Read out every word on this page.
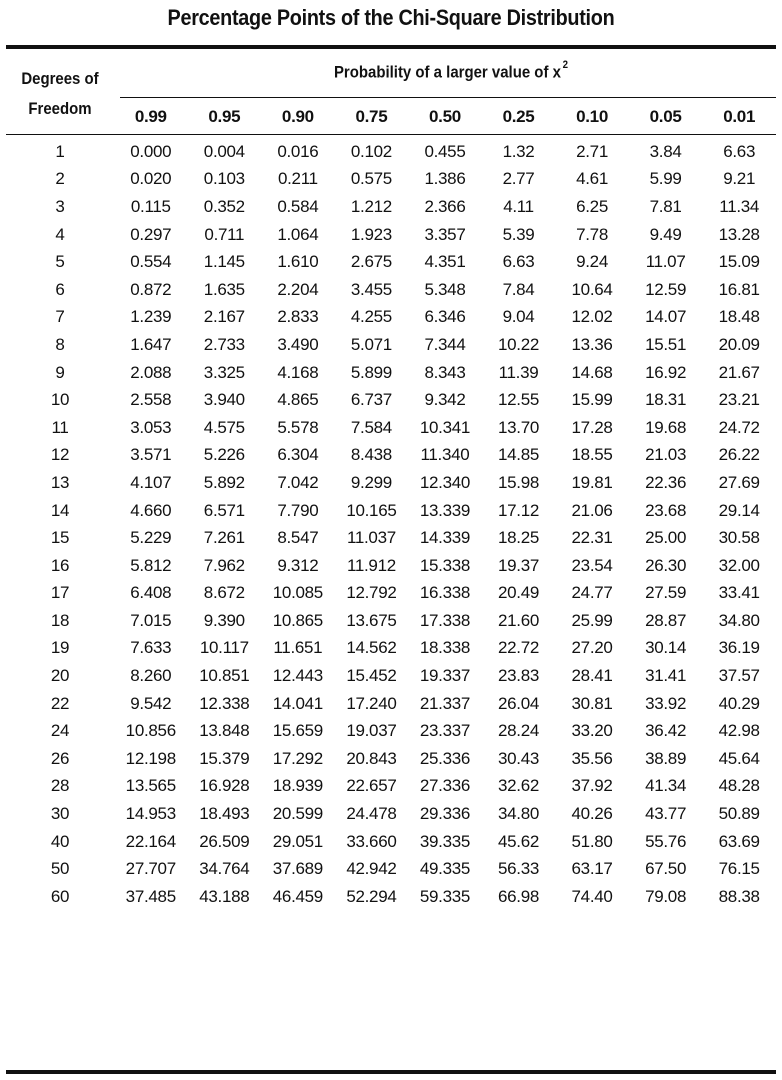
Percentage Points of the Chi-Square Distribution
Degrees of
Freedom
Probability of a larger value of x $^2$
	0.99	0.95	0.90	0.75	0.50	0.25	0.10	0.05	0.01
1	0.000	0.004	0.016	0.102	0.455	1.32	2.71	3.84	6.63
2	0.020	0.103	0.211	0.575	1.386	2.77	4.61	5.99	9.21
3	0.115	0.352	0.584	1.212	2.366	4.11	6.25	7.81	11.34
4	0.297	0.711	1.064	1.923	3.357	5.39	7.78	9.49	13.28
5	0.554	1.145	1.610	2.675	4.351	6.63	9.24	11.07	15.09
6	0.872	1.635	2.204	3.455	5.348	7.84	10.64	12.59	16.81
7	1.239	2.167	2.833	4.255	6.346	9.04	12.02	14.07	18.48
8	1.647	2.733	3.490	5.071	7.344	10.22	13.36	15.51	20.09
9	2.088	3.325	4.168	5.899	8.343	11.39	14.68	16.92	21.67
10	2.558	3.940	4.865	6.737	9.342	12.55	15.99	18.31	23.21
11	3.053	4.575	5.578	7.584	10.341	13.70	17.28	19.68	24.72
12	3.571	5.226	6.304	8.438	11.340	14.85	18.55	21.03	26.22
13	4.107	5.892	7.042	9.299	12.340	15.98	19.81	22.36	27.69
14	4.660	6.571	7.790	10.165	13.339	17.12	21.06	23.68	29.14
15	5.229	7.261	8.547	11.037	14.339	18.25	22.31	25.00	30.58
16	5.812	7.962	9.312	11.912	15.338	19.37	23.54	26.30	32.00
17	6.408	8.672	10.085	12.792	16.338	20.49	24.77	27.59	33.41
18	7.015	9.390	10.865	13.675	17.338	21.60	25.99	28.87	34.80
19	7.633	10.117	11.651	14.562	18.338	22.72	27.20	30.14	36.19
20	8.260	10.851	12.443	15.452	19.337	23.83	28.41	31.41	37.57
22	9.542	12.338	14.041	17.240	21.337	26.04	30.81	33.92	40.29
24	10.856	13.848	15.659	19.037	23.337	28.24	33.20	36.42	42.98
26	12.198	15.379	17.292	20.843	25.336	30.43	35.56	38.89	45.64
28	13.565	16.928	18.939	22.657	27.336	32.62	37.92	41.34	48.28
30	14.953	18.493	20.599	24.478	29.336	34.80	40.26	43.77	50.89
40	22.164	26.509	29.051	33.660	39.335	45.62	51.80	55.76	63.69
50	27.707	34.764	37.689	42.942	49.335	56.33	63.17	67.50	76.15
60	37.485	43.188	46.459	52.294	59.335	66.98	74.40	79.08	88.38
